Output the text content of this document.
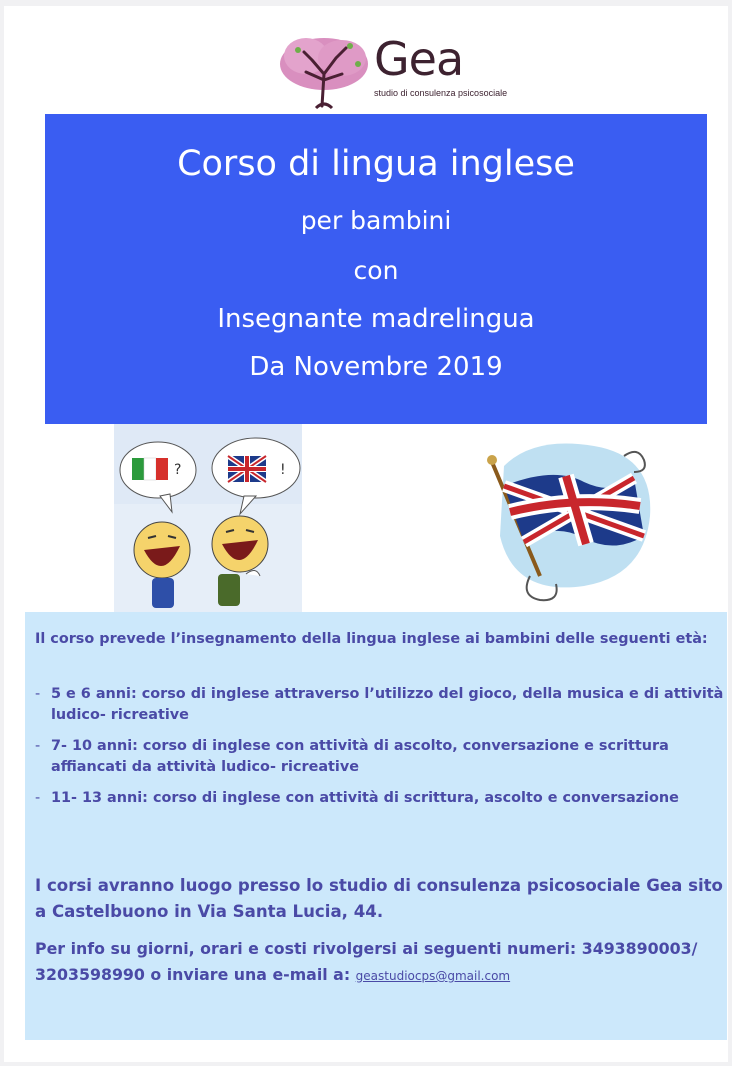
Gea
studio di consulenza psicosociale
Corso di lingua inglese
per bambini
con
Insegnante madrelingua
Da Novembre 2019
?	!
Il corso prevede l’insegnamento della lingua inglese ai bambini delle seguenti età:
- 5 e 6 anni: corso di inglese attraverso l’utilizzo del gioco, della musica e di attività ludico- ricreative
- 7- 10 anni: corso di inglese con attività di ascolto, conversazione e scrittura affiancati da attività ludico- ricreative
- 11- 13 anni: corso di inglese con attività di scrittura, ascolto e conversazione
I corsi avranno luogo presso lo studio di consulenza psicosociale Gea sito a Castelbuono in Via Santa Lucia, 44.
Per info su giorni, orari e costi rivolgersi ai seguenti numeri: 3493890003/ 3203598990 o inviare una e-mail a: geastudiocps@gmail.com
